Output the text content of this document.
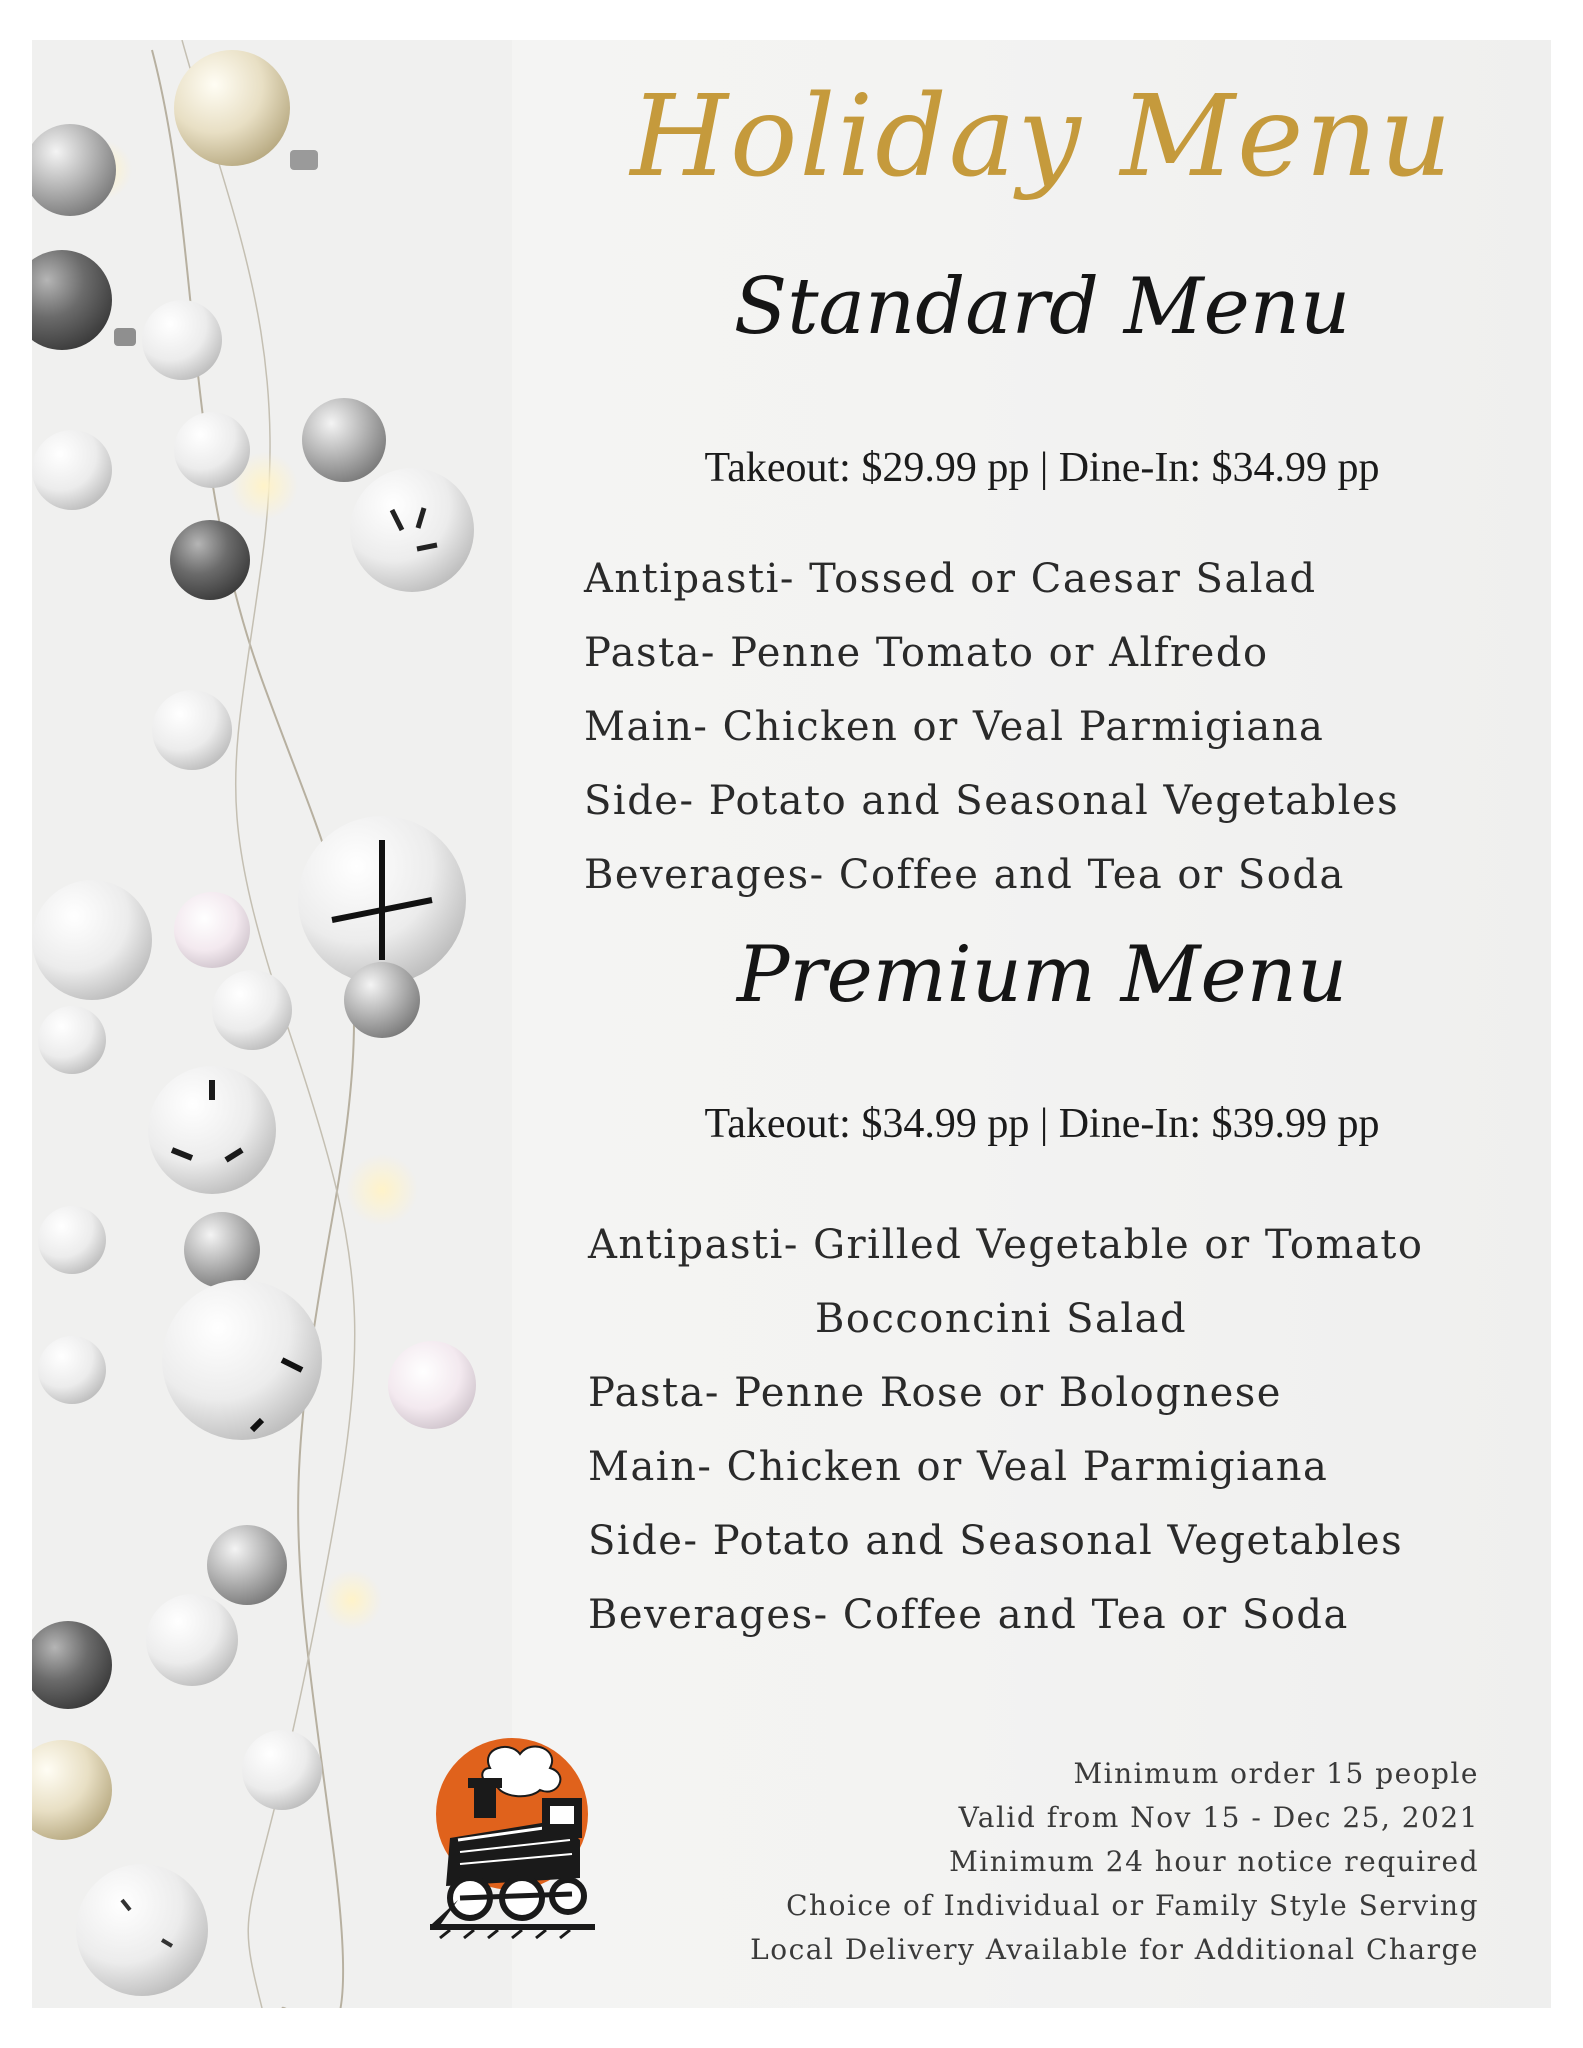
Holiday Menu
Standard Menu

Takeout: $29.99 pp | Dine-In: $34.99 pp

Antipasti- Tossed or Caesar Salad
Pasta- Penne Tomato or Alfredo
Main- Chicken or Veal Parmigiana
Side- Potato and Seasonal Vegetables
Beverages- Coffee and Tea or Soda
Premium Menu

Takeout: $34.99 pp | Dine-In: $39.99 pp

Antipasti- Grilled Vegetable or Tomato
Bocconcini Salad
Pasta- Penne Rose or Bolognese
Main- Chicken or Veal Parmigiana
Side- Potato and Seasonal Vegetables
Beverages- Coffee and Tea or Soda
Minimum order 15 people
Valid from Nov 15 - Dec 25, 2021
Minimum 24 hour notice required
Choice of Individual or Family Style Serving
Local Delivery Available for Additional Charge
